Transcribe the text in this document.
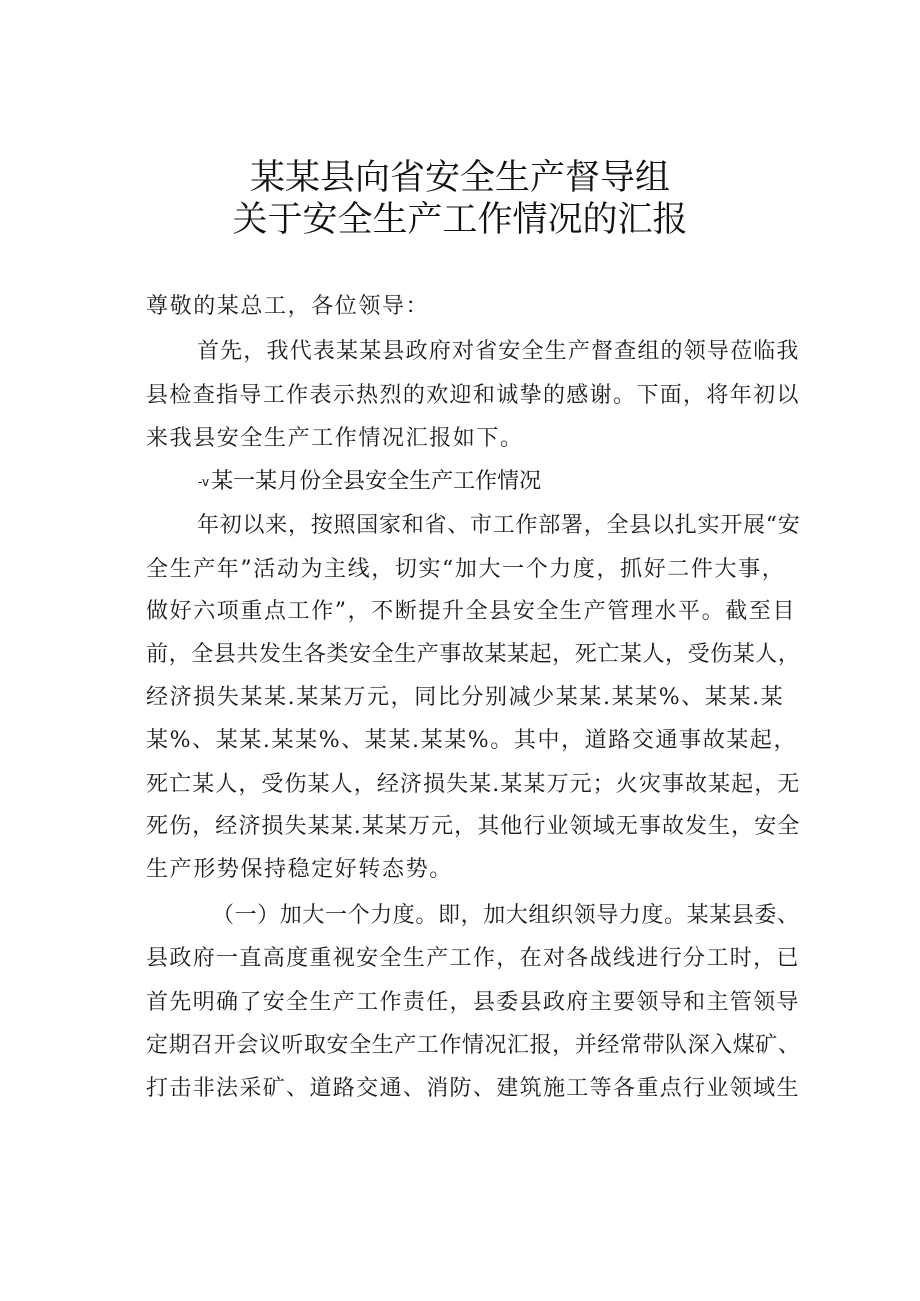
某某县向省安全生产督导组
关于安全生产工作情况的汇报
尊敬的某总工，各位领导：
首先，我代表某某县政府对省安全生产督查组的领导莅临我
县检查指导工作表示热烈的欢迎和诚挚的感谢。下面，将年初以
来我县安全生产工作情况汇报如下。
-v某一某月份全县安全生产工作情况
年初以来，按照国家和省、市工作部署，全县以扎实开展“安
全生产年”活动为主线，切实“加大一个力度，抓好二件大事，
做好六项重点工作”，不断提升全县安全生产管理水平。截至目
前，全县共发生各类安全生产事故某某起，死亡某人，受伤某人，
经济损失某某.某某万元，同比分别减少某某.某某%、某某.某
某%、某某.某某%、某某.某某%。其中，道路交通事故某起，
死亡某人，受伤某人，经济损失某.某某万元；火灾事故某起，无
死伤，经济损失某某.某某万元，其他行业领域无事故发生，安全
生产形势保持稳定好转态势。
（一）加大一个力度。即，加大组织领导力度。某某县委、
县政府一直高度重视安全生产工作，在对各战线进行分工时，已
首先明确了安全生产工作责任，县委县政府主要领导和主管领导
定期召开会议听取安全生产工作情况汇报，并经常带队深入煤矿、
打击非法采矿、道路交通、消防、建筑施工等各重点行业领域生
